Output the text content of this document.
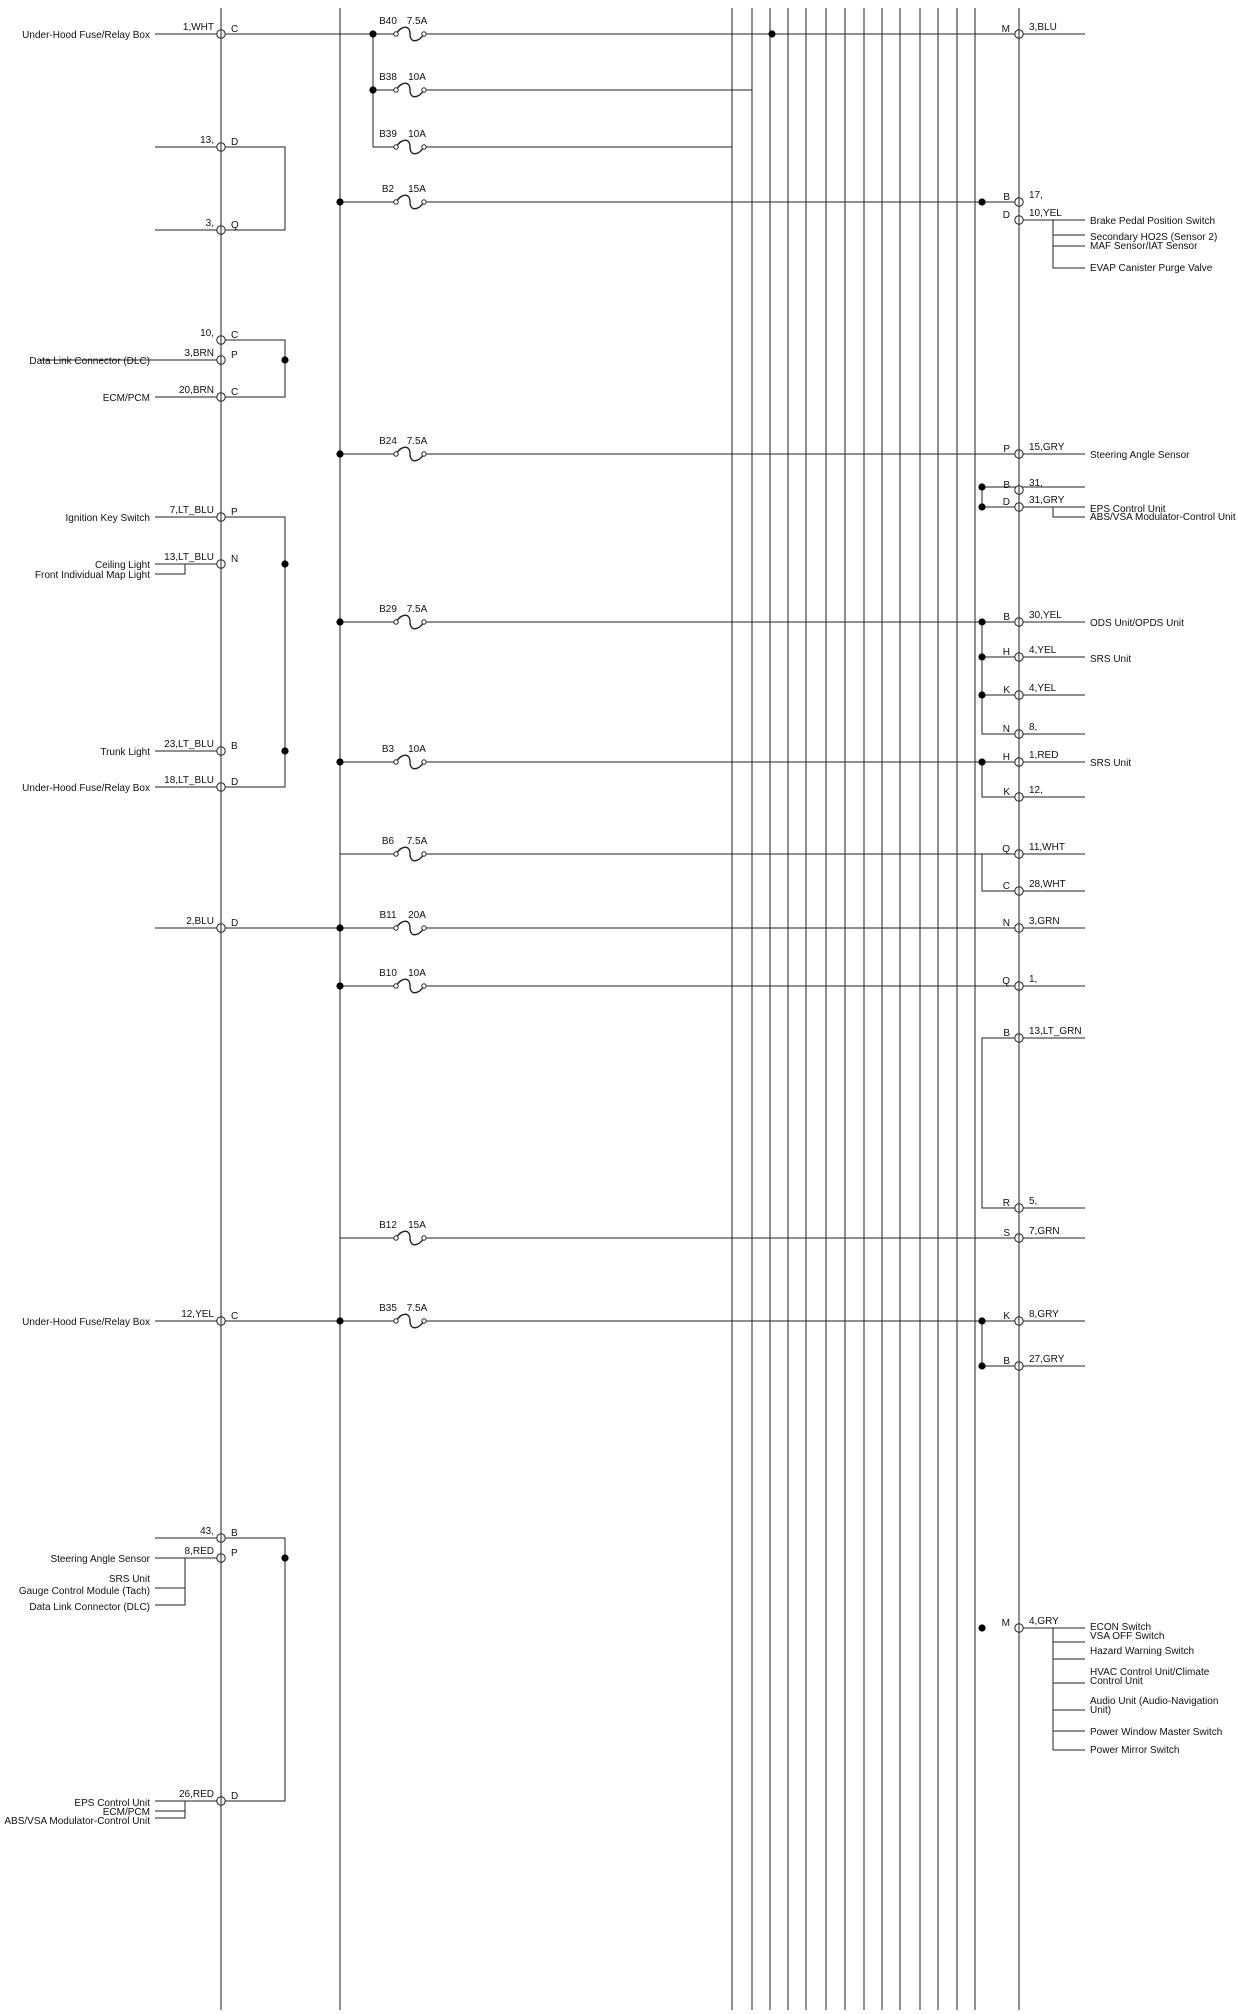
B40 7.5A
B38 10A
B39 10A
B2 15A
B24 7.5A
B29 7.5A
B3 10A
B6 7.5A
B11 20A
B10 10A
B12 15A
B35 7.5A
1,WHT C
13, D
3, Q
10, C
3,BRN P
20,BRN C
7,LT_BLU P
13,LT_BLU N
23,LT_BLU B
18,LT_BLU D
2,BLU D
12,YEL C
43, B
8,RED P
26,RED D
M 3,BLU
B 17,
D 10,YEL
P 15,GRY
B 31,
D 31,GRY
B 30,YEL
H 4,YEL
K 4,YEL
N 8,
H 1,RED
K 12,
Q 11,WHT
C 28,WHT
N 3,GRN
Q 1,
B 13,LT_GRN
R 5,
S 7,GRN
K 8,GRY
B 27,GRY
M 4,GRY
Under-Hood Fuse/Relay Box
Data Link Connector (DLC)
ECM/PCM
Ignition Key Switch
Ceiling Light
Front Individual Map Light
Trunk Light
Under-Hood Fuse/Relay Box
Under-Hood Fuse/Relay Box
Steering Angle Sensor
SRS Unit
Gauge Control Module (Tach)
Data Link Connector (DLC)
EPS Control Unit
ECM/PCM
ABS/VSA Modulator-Control Unit
Brake Pedal Position Switch
Secondary HO2S (Sensor 2)
MAF Sensor/IAT Sensor
EVAP Canister Purge Valve
Steering Angle Sensor
EPS Control Unit
ABS/VSA Modulator-Control Unit
ODS Unit/OPDS Unit
SRS Unit
SRS Unit
ECON Switch
VSA OFF Switch
Hazard Warning Switch
HVAC Control Unit/Climate
Control Unit
Audio Unit (Audio-Navigation
Unit)
Power Window Master Switch
Power Mirror Switch
